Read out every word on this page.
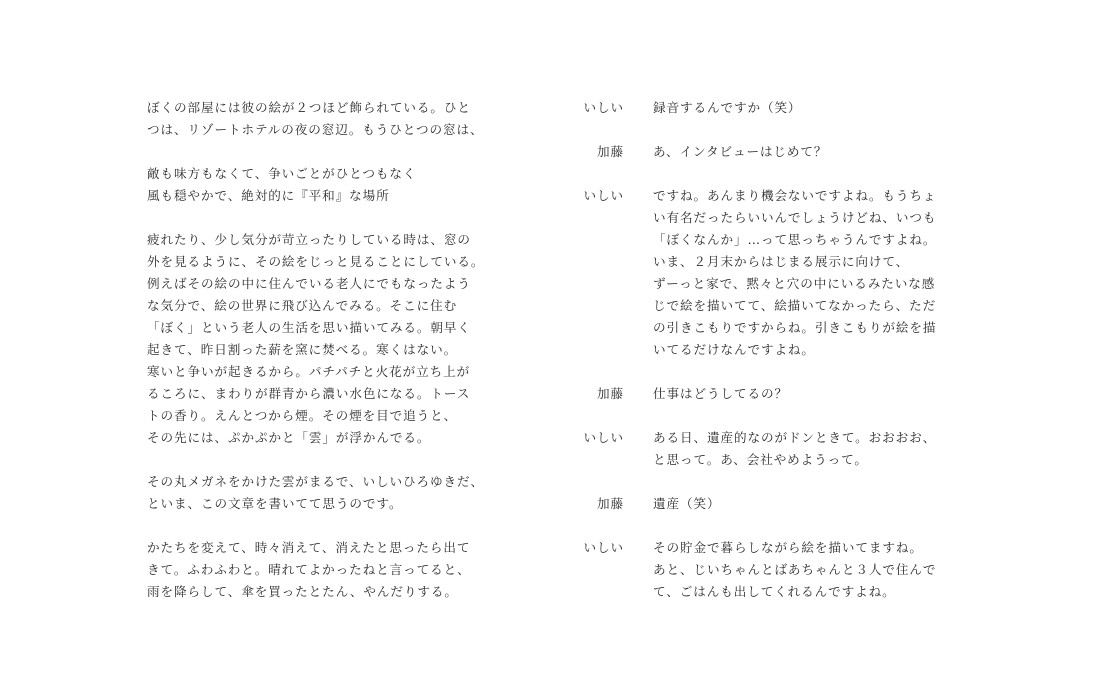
ぼくの部屋には彼の絵が２つほど飾られている。ひと
つは、リゾートホテルの夜の窓辺。もうひとつの窓は、
敵も味方もなくて、争いごとがひとつもなく
風も穏やかで、絶対的に『平和』な場所
疲れたり、少し気分が苛立ったりしている時は、窓の
外を見るように、その絵をじっと見ることにしている。
例えばその絵の中に住んでいる老人にでもなったよう
な気分で、絵の世界に飛び込んでみる。そこに住む
「ぼく」という老人の生活を思い描いてみる。朝早く
起きて、昨日割った薪を窯に焚べる。寒くはない。
寒いと争いが起きるから。パチパチと火花が立ち上が
るころに、まわりが群青から濃い水色になる。トース
トの香り。えんとつから煙。その煙を目で追うと、
その先には、ぷかぷかと「雲」が浮かんでる。
その丸メガネをかけた雲がまるで、いしいひろゆきだ、
といま、この文章を書いてて思うのです。
かたちを変えて、時々消えて、消えたと思ったら出て
きて。ふわふわと。晴れてよかったねと言ってると、
雨を降らして、傘を買ったとたん、やんだりする。
いしい 録音するんですか（笑）
加藤 あ、インタビューはじめて？
いしい ですね。あんまり機会ないですよね。もうちょ
い有名だったらいいんでしょうけどね、いつも
「ぼくなんか」…って思っちゃうんですよね。
いま、２月末からはじまる展示に向けて、
ずーっと家で、黙々と穴の中にいるみたいな感
じで絵を描いてて、絵描いてなかったら、ただ
の引きこもりですからね。引きこもりが絵を描
いてるだけなんですよね。
加藤 仕事はどうしてるの？
いしい ある日、遺産的なのがドンときて。おおおお、
と思って。あ、会社やめようって。
加藤 遺産（笑）
いしい その貯金で暮らしながら絵を描いてますね。
あと、じいちゃんとばあちゃんと３人で住んで
て、ごはんも出してくれるんですよね。
